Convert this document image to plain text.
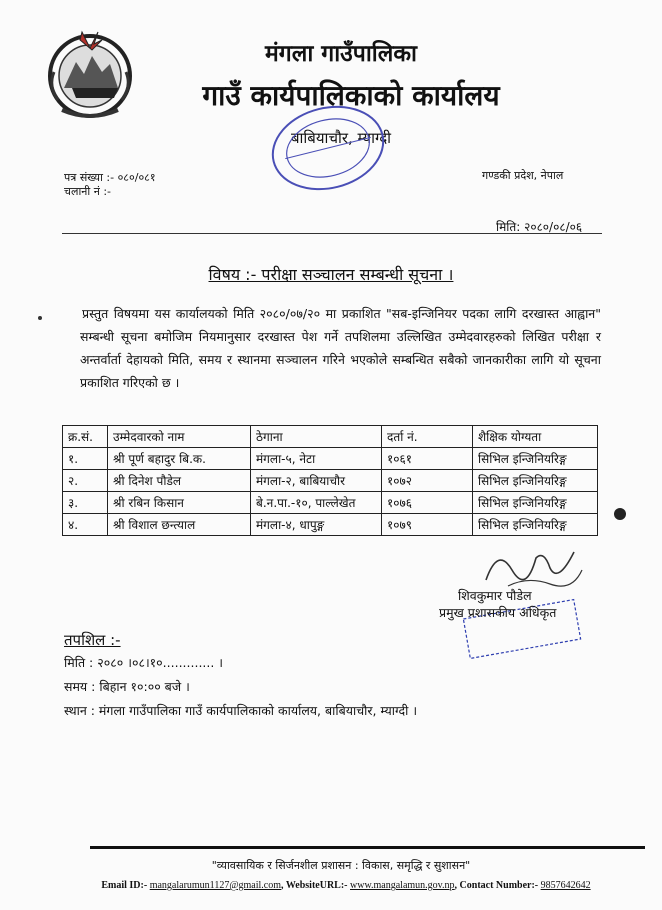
मंगला गाउँपालिका
गाउँ कार्यपालिकाको कार्यालय
बाबियाचौर, म्याग्दी
पत्र संख्या :- ०८०/०८१
चलानी नं :-
गण्डकी प्रदेश, नेपाल
मिति: २०८०/०८/०६
विषय :- परीक्षा सञ्चालन सम्बन्धी सूचना ।
प्रस्तुत विषयमा यस कार्यालयको मिति २०८०/०७/२० मा प्रकाशित "सब-इन्जिनियर पदका लागि दरखास्त आह्वान" सम्बन्धी सूचना बमोजिम नियमानुसार दरखास्त पेश गर्ने तपशिलमा उल्लिखित उम्मेदवारहरुको लिखित परीक्षा र अन्तर्वार्ता देहायको मिति, समय र स्थानमा सञ्चालन गरिने भएकोले सम्बन्धित सबैको जानकारीका लागि यो सूचना प्रकाशित गरिएको छ ।
क्र.सं.	उम्मेदवारको नाम	ठेगाना	दर्ता नं.	शैक्षिक योग्यता
१.	श्री पूर्ण बहादुर बि.क.	मंगला-५, नेटा	१०६१	सिभिल इन्जिनियरिङ्ग
२.	श्री दिनेश पौडेल	मंगला-२, बाबियाचौर	१०७२	सिभिल इन्जिनियरिङ्ग
३.	श्री रबिन किसान	बे.न.पा.-१०, पाल्लेखेत	१०७६	सिभिल इन्जिनियरिङ्ग
४.	श्री विशाल छन्त्याल	मंगला-४, धापुङ्ग	१०७९	सिभिल इन्जिनियरिङ्ग
शिवकुमार पौडेल
प्रमुख प्रशासकीय अधिकृत
तपशिल :-
मिति : २०८० ।०८।१०............. ।
समय : बिहान १०:०० बजे ।
स्थान : मंगला गाउँपालिका गाउँ कार्यपालिकाको कार्यालय, बाबियाचौर, म्याग्दी ।
"व्यावसायिक र सिर्जनशील प्रशासन : विकास, समृद्धि र सुशासन"
Email ID:- mangalarumun1127@gmail.com, WebsiteURL:- www.mangalamun.gov.np, Contact Number:- 9857642642
